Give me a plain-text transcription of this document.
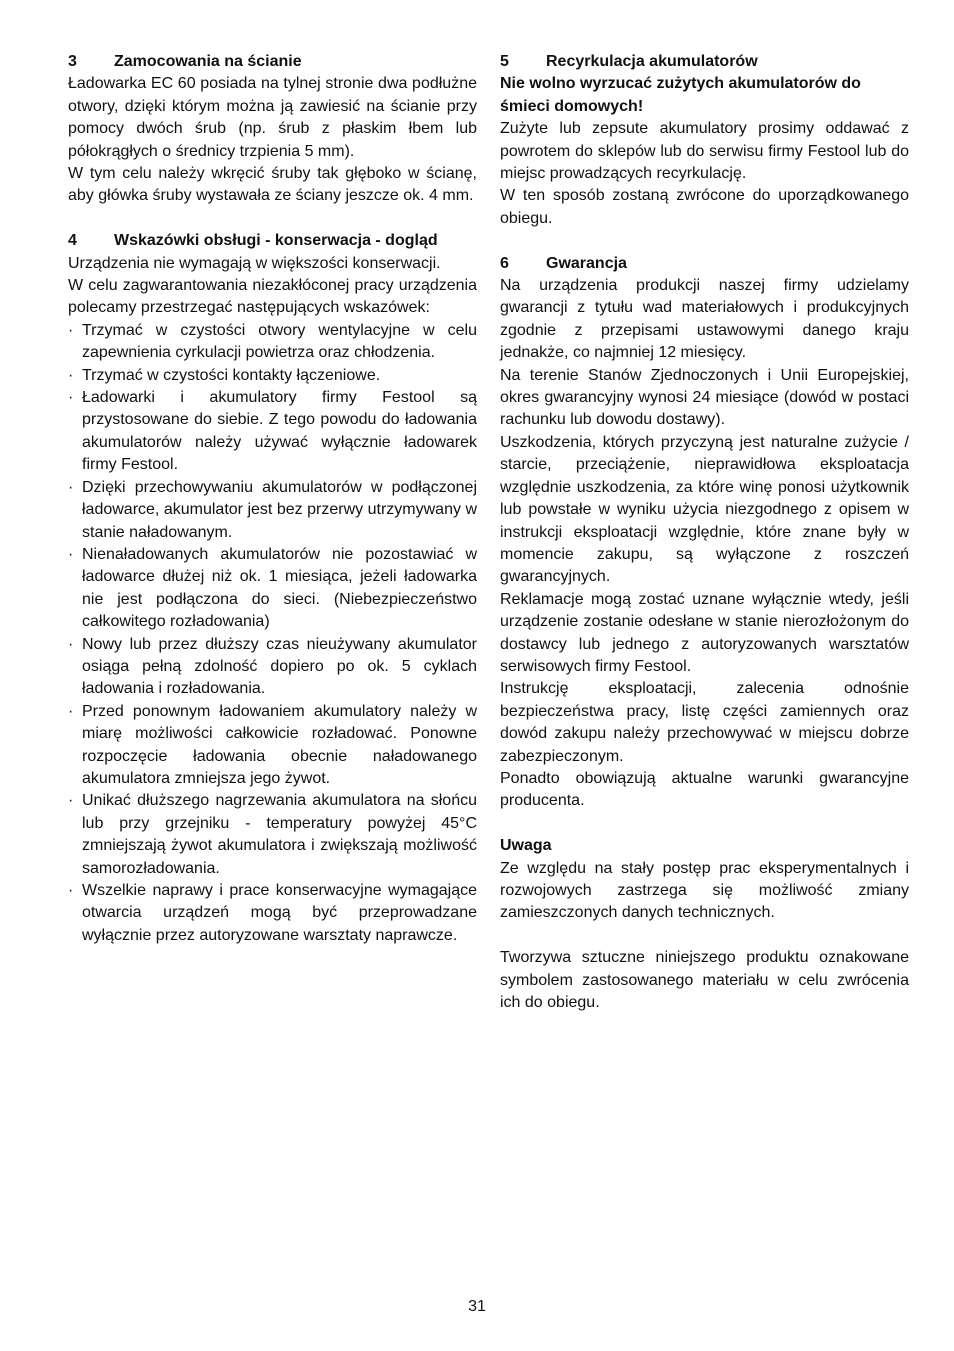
3	Zamocowania na ścianie

Ładowarka EC 60 posiada na tylnej stronie dwa podłużne otwory, dzięki którym można ją zawiesić na ścianie przy pomocy dwóch śrub (np. śrub z płaskim łbem lub półokrągłych o średnicy trzpienia 5 mm).

W tym celu należy wkręcić śruby tak głęboko w ścianę, aby główka śruby wystawała ze ściany jeszcze ok. 4 mm.

4	Wskazówki obsługi - konserwacja - dogląd

Urządzenia nie wymagają w większości konserwacji.

W celu zagwarantowania niezakłóconej pracy urządzenia polecamy przestrzegać następujących wskazówek:

· Trzymać w czystości otwory wentylacyjne w celu zapewnienia cyrkulacji powietrza oraz chłodzenia.
· Trzymać w czystości kontakty łączeniowe.
· Ładowarki i akumulatory firmy Festool są przystosowane do siebie. Z tego powodu do ładowania akumulatorów należy używać wyłącznie ładowarek firmy Festool.
· Dzięki przechowywaniu akumulatorów w podłączonej ładowarce, akumulator jest bez przerwy utrzymywany w stanie naładowanym.
· Nienaładowanych akumulatorów nie pozostawiać w ładowarce dłużej niż ok. 1 miesiąca, jeżeli ładowarka nie jest podłączona do sieci. (Niebezpieczeństwo całkowitego rozładowania)
· Nowy lub przez dłuższy czas nieużywany akumulator osiąga pełną zdolność dopiero po ok. 5 cyklach ładowania i rozładowania.
· Przed ponownym ładowaniem akumulatory należy w miarę możliwości całkowicie rozładować. Ponowne rozpoczęcie ładowania obecnie naładowanego akumulatora zmniejsza jego żywot.
· Unikać dłuższego nagrzewania akumulatora na słońcu lub przy grzejniku - temperatury powyżej 45°C zmniejszają żywot akumulatora i zwiększają możliwość samorozładowania.
· Wszelkie naprawy i prace konserwacyjne wymagające otwarcia urządzeń mogą być przeprowadzane wyłącznie przez autoryzowane warsztaty naprawcze.
5	Recyrkulacja akumulatorów
Nie wolno wyrzucać zużytych akumulatorów do śmieci domowych!

Zużyte lub zepsute akumulatory prosimy oddawać z powrotem do sklepów lub do serwisu firmy Festool lub do miejsc prowadzących recyrkulację.

W ten sposób zostaną zwrócone do uporządkowanego obiegu.

6	Gwarancja

Na urządzenia produkcji naszej firmy udzielamy gwarancji z tytułu wad materiałowych i produkcyjnych zgodnie z przepisami ustawowymi danego kraju jednakże, co najmniej 12 miesięcy.

Na terenie Stanów Zjednoczonych i Unii Europejskiej, okres gwarancyjny wynosi 24 miesiące (dowód w postaci rachunku lub dowodu dostawy).

Uszkodzenia, których przyczyną jest naturalne zużycie / starcie, przeciążenie, nieprawidłowa eksploatacja względnie uszkodzenia, za które winę ponosi użytkownik lub powstałe w wyniku użycia niezgodnego z opisem w instrukcji eksploatacji względnie, które znane były w momencie zakupu, są wyłączone z roszczeń gwarancyjnych.

Reklamacje mogą zostać uznane wyłącznie wtedy, jeśli urządzenie zostanie odesłane w stanie nierozłożonym do dostawcy lub jednego z autoryzowanych warsztatów serwisowych firmy Festool.

Instrukcję eksploatacji, zalecenia odnośnie bezpieczeństwa pracy, listę części zamiennych oraz dowód zakupu należy przechowywać w miejscu dobrze zabezpieczonym.

Ponadto obowiązują aktualne warunki gwarancyjne producenta.

Uwaga

Ze względu na stały postęp prac eksperymentalnych i rozwojowych zastrzega się możliwość zmiany zamieszczonych danych technicznych.

Tworzywa sztuczne niniejszego produktu oznakowane symbolem zastosowanego materiału w celu zwrócenia ich do obiegu.

31
